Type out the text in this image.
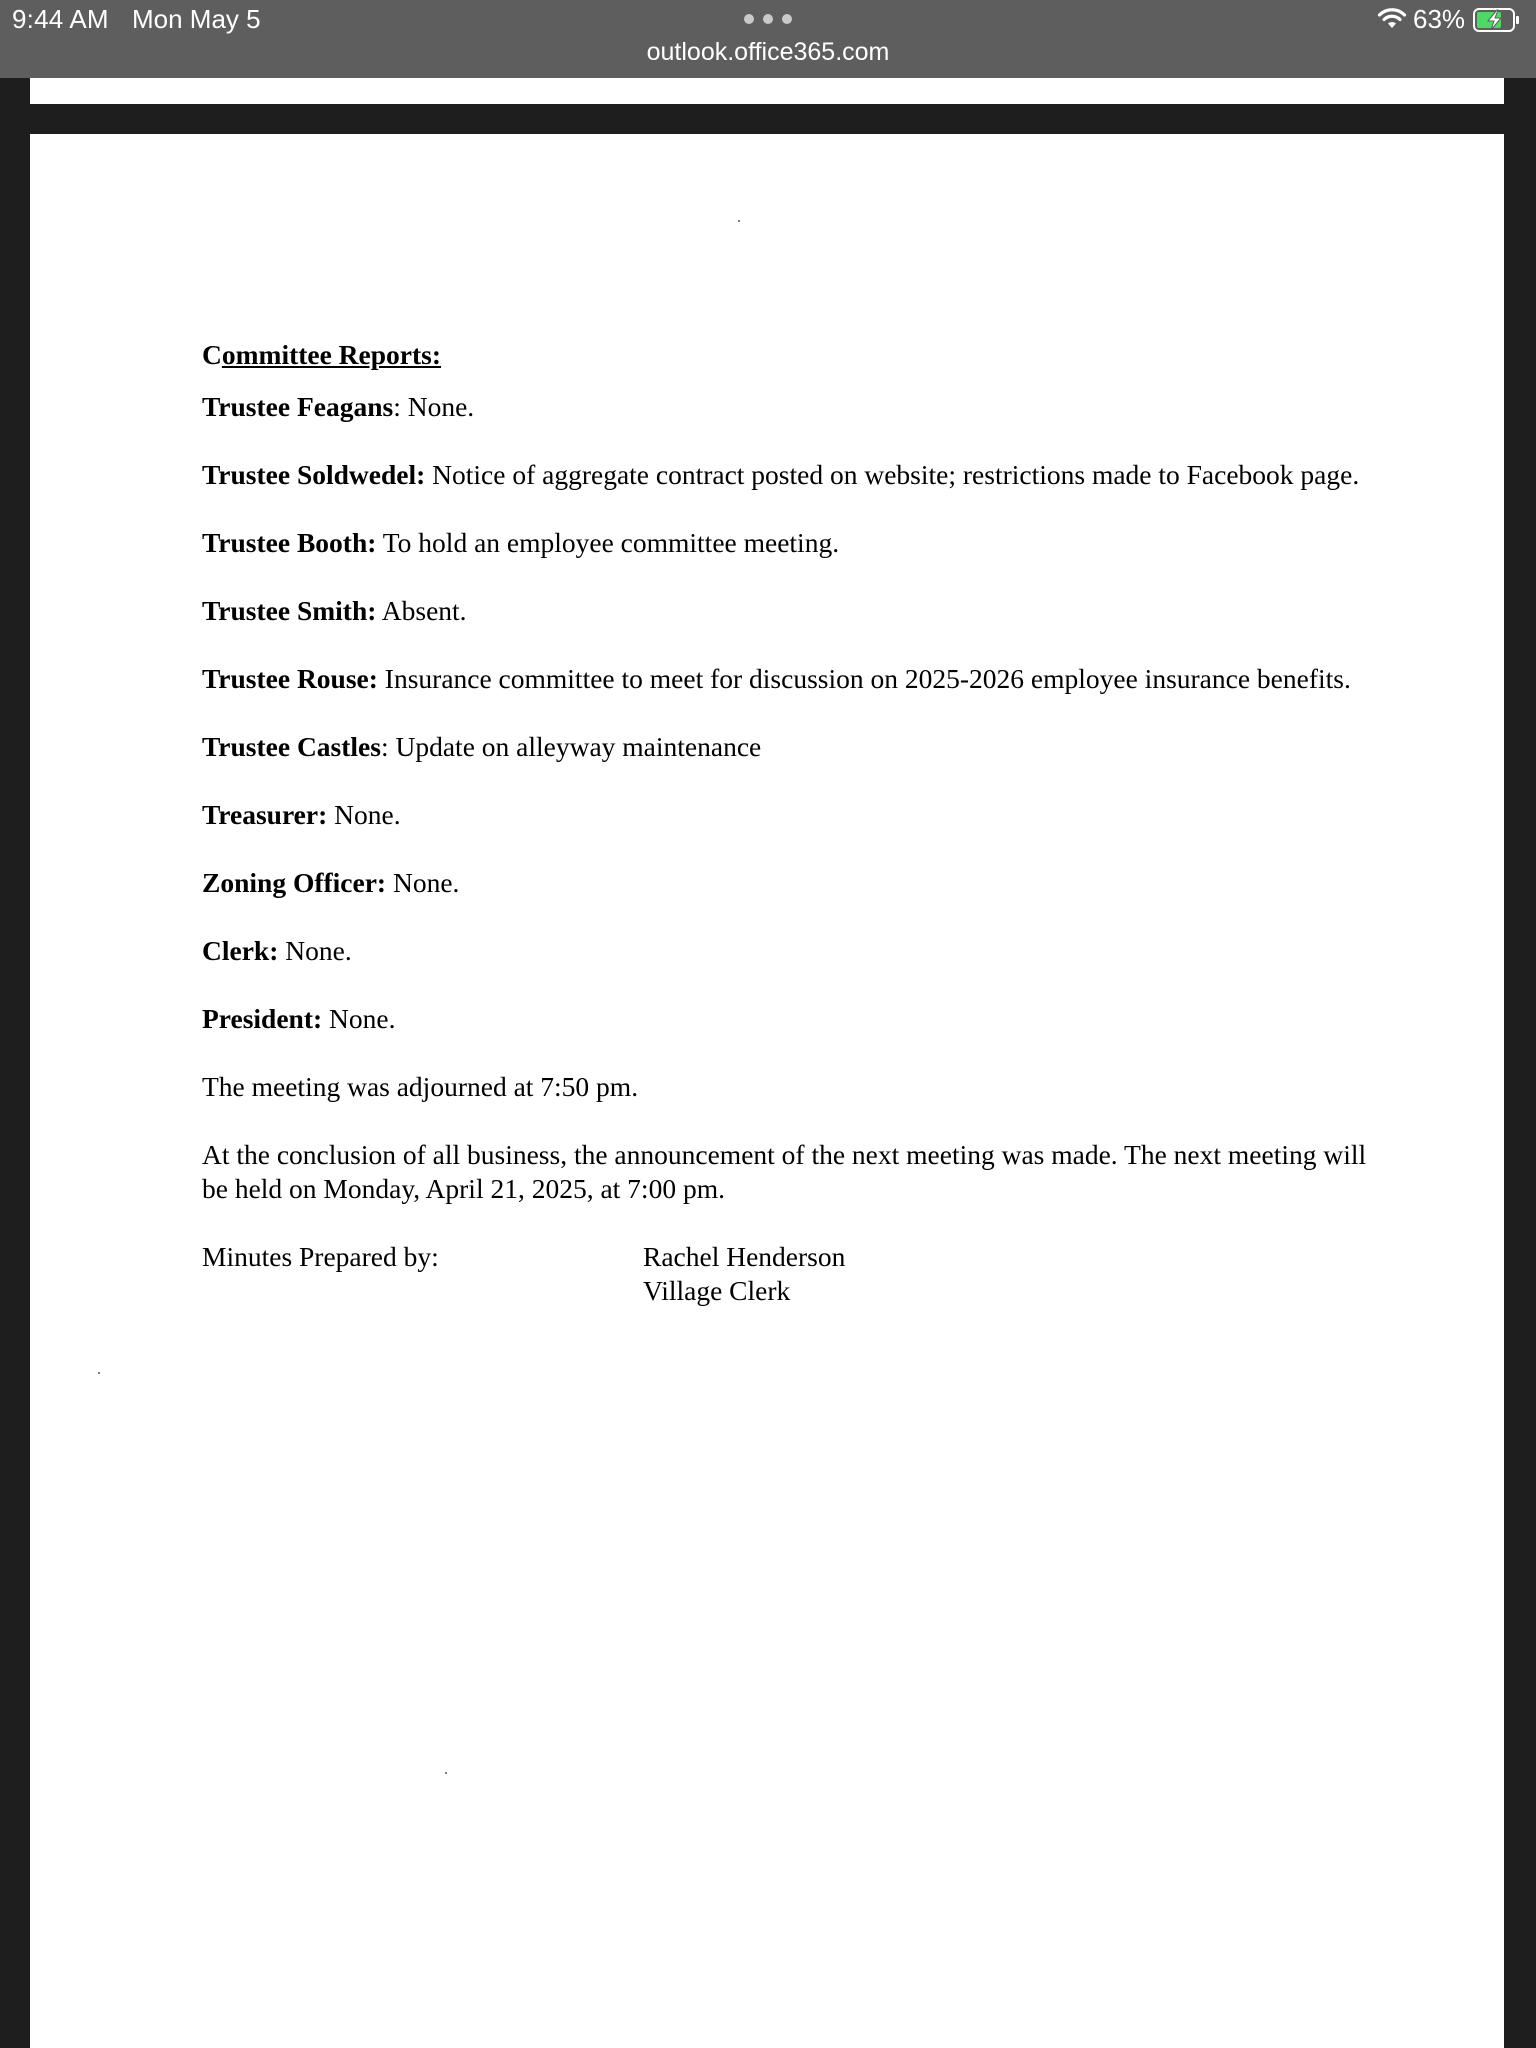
9:44 AM Mon May 5
outlook.office365.com
63%

Committee Reports:

Trustee Feagans: None.

Trustee Soldwedel: Notice of aggregate contract posted on website; restrictions made to Facebook page.

Trustee Booth: To hold an employee committee meeting.

Trustee Smith: Absent.

Trustee Rouse: Insurance committee to meet for discussion on 2025-2026 employee insurance benefits.

Trustee Castles: Update on alleyway maintenance

Treasurer: None.

Zoning Officer: None.

Clerk: None.

President: None.

The meeting was adjourned at 7:50 pm.

At the conclusion of all business, the announcement of the next meeting was made. The next meeting will be held on Monday, April 21, 2025, at 7:00 pm.

Minutes Prepared by:	Rachel Henderson
Village Clerk
